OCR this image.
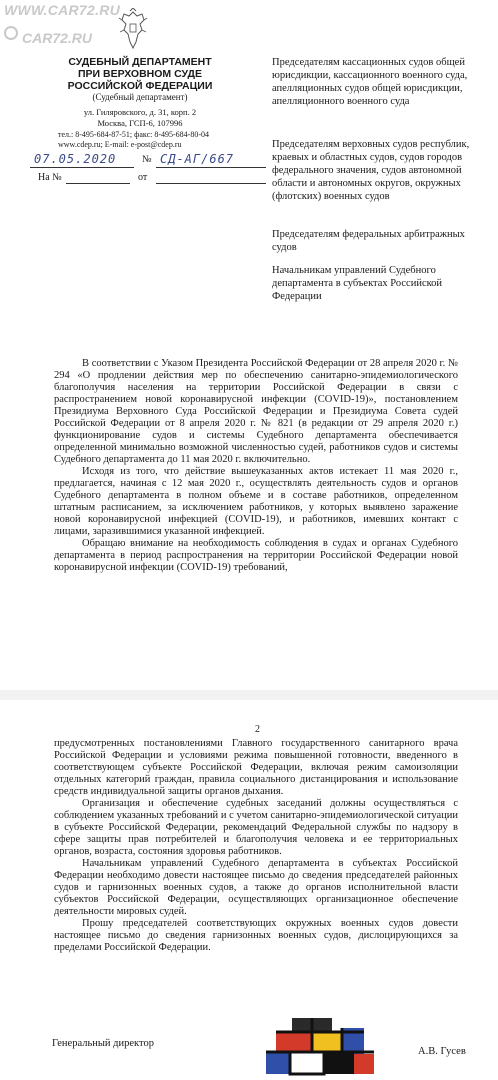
WWW.CAR72.RU
CAR72.RU
СУДЕБНЫЙ ДЕПАРТАМЕНТ
ПРИ ВЕРХОВНОМ СУДЕ
РОССИЙСКОЙ ФЕДЕРАЦИИ
(Судебный департамент)
ул. Гиляровского, д. 31, корп. 2
Москва, ГСП-6, 107996
тел.: 8-495-684-87-51; факс: 8-495-684-80-04
www.cdep.ru; E-mail: e-post@cdep.ru
07.05.2020	№ СД-АГ/667
На №	от
Председателям кассационных судов общей юрисдикции, кассационного военного суда, апелляционных судов общей юрисдикции, апелляционного военного суда
Председателям верховных судов республик, краевых и областных судов, судов городов федерального значения, судов автономной области и автономных округов, окружных (флотских) военных судов
Председателям федеральных арбитражных судов
Начальникам управлений Судебного департамента в субъектах Российской Федерации

В соответствии с Указом Президента Российской Федерации от 28 апреля 2020 г. № 294 «О продлении действия мер по обеспечению санитарно-эпидемиологического благополучия населения на территории Российской Федерации в связи с распространением новой коронавирусной инфекции (COVID-19)», постановлением Президиума Верховного Суда Российской Федерации и Президиума Совета судей Российской Федерации от 8 апреля 2020 г. № 821 (в редакции от 29 апреля 2020 г.) функционирование судов и системы Судебного департамента обеспечивается определенной минимально возможной численностью судей, работников судов и системы Судебного департамента до 11 мая 2020 г. включительно.

Исходя из того, что действие вышеуказанных актов истекает 11 мая 2020 г., предлагается, начиная с 12 мая 2020 г., осуществлять деятельность судов и органов Судебного департамента в полном объеме и в составе работников, определенном штатным расписанием, за исключением работников, у которых выявлено заражение новой коронавирусной инфекцией (COVID-19), и работников, имевших контакт с лицами, заразившимися указанной инфекцией.

Обращаю внимание на необходимость соблюдения в судах и органах Судебного департамента в период распространения на территории Российской Федерации новой коронавирусной инфекции (COVID-19) требований,

2

предусмотренных постановлениями Главного государственного санитарного врача Российской Федерации и условиями режима повышенной готовности, введенного в соответствующем субъекте Российской Федерации, включая режим самоизоляции отдельных категорий граждан, правила социального дистанцирования и использование средств индивидуальной защиты органов дыхания.

Организация и обеспечение судебных заседаний должны осуществляться с соблюдением указанных требований и с учетом санитарно-эпидемиологической ситуации в субъекте Российской Федерации, рекомендаций Федеральной службы по надзору в сфере защиты прав потребителей и благополучия человека и ее территориальных органов, возраста, состояния здоровья работников.

Начальникам управлений Судебного департамента в субъектах Российской Федерации необходимо довести настоящее письмо до сведения председателей районных судов и гарнизонных военных судов, а также до органов исполнительной власти субъектов Российской Федерации, осуществляющих организационное обеспечение деятельности мировых судей.

Прошу председателей соответствующих окружных военных судов довести настоящее письмо до сведения гарнизонных военных судов, дислоцирующихся за пределами Российской Федерации.

Генеральный директор
А.В. Гусев
